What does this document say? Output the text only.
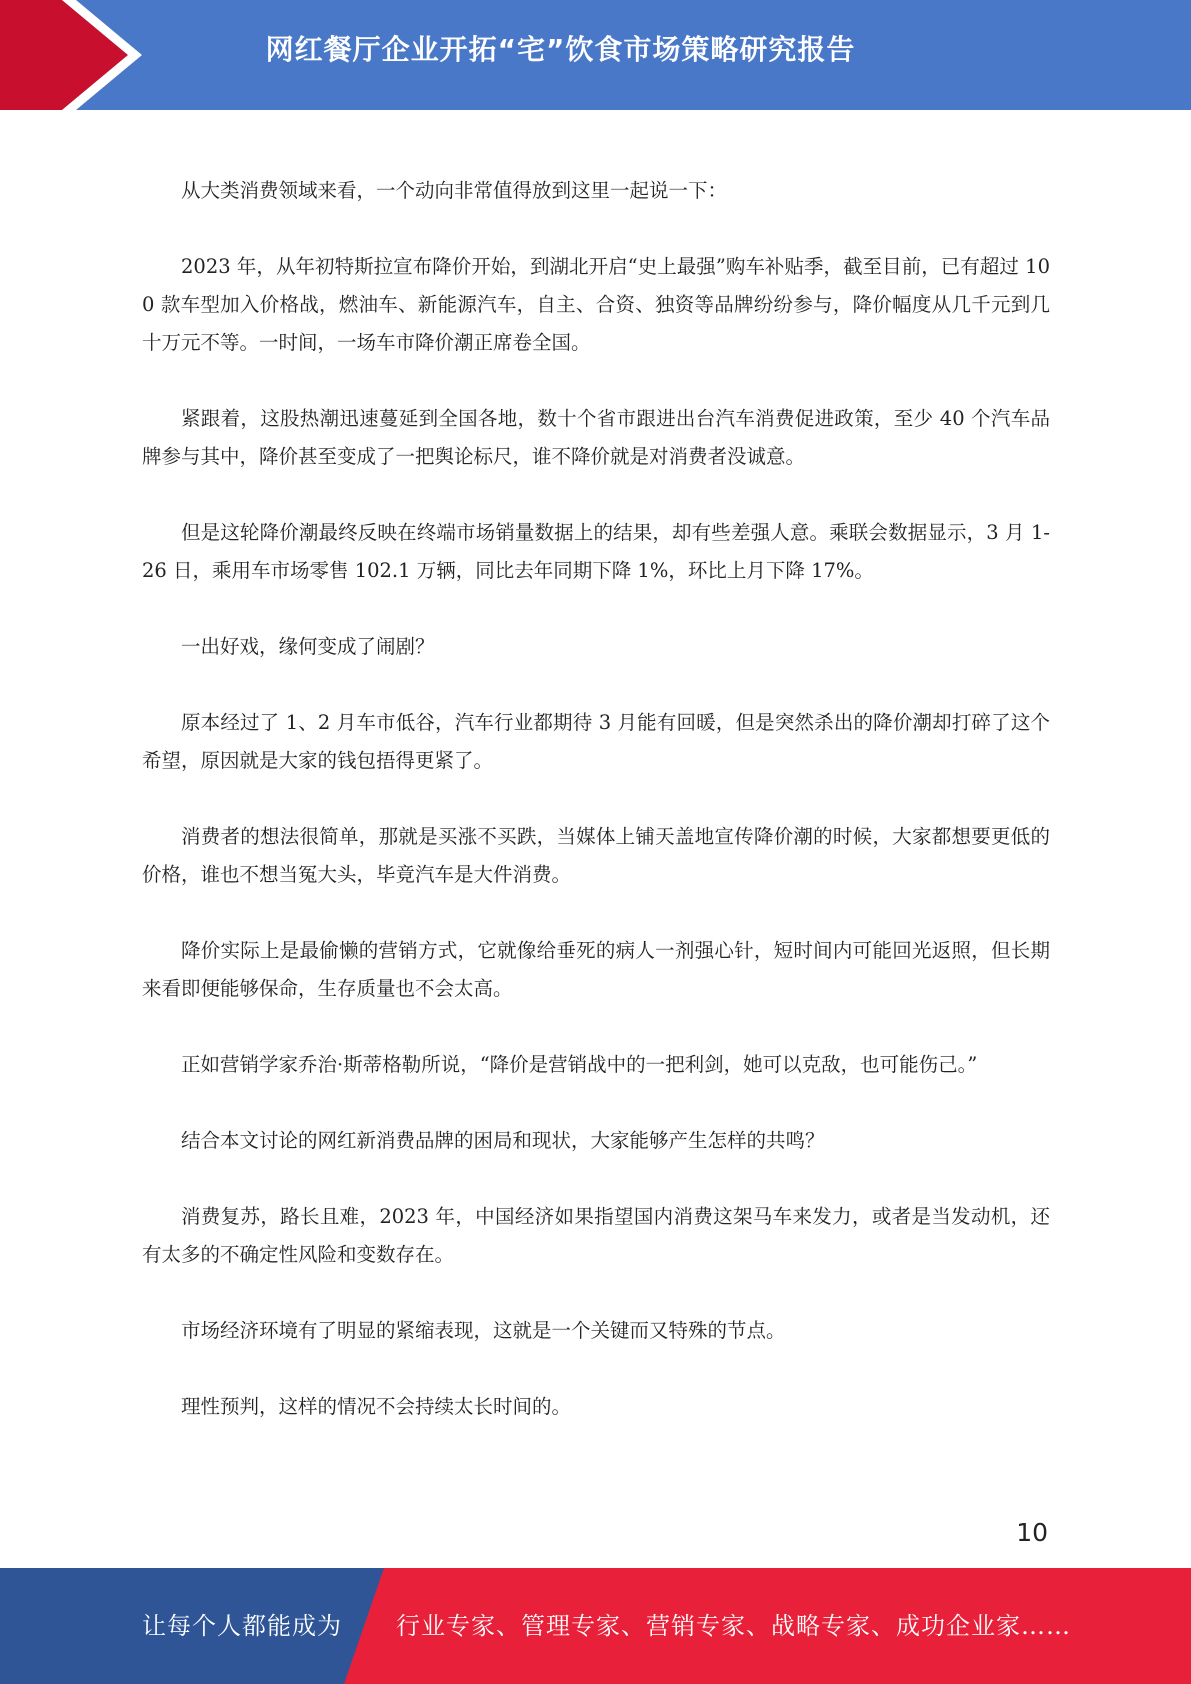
网红餐厅企业开拓“宅”饮食市场策略研究报告

从大类消费领域来看，一个动向非常值得放到这里一起说一下：

2023 年，从年初特斯拉宣布降价开始，到湖北开启“史上最强”购车补贴季，截至目前，已有超过 100 款车型加入价格战，燃油车、新能源汽车，自主、合资、独资等品牌纷纷参与，降价幅度从几千元到几十万元不等。一时间，一场车市降价潮正席卷全国。

紧跟着，这股热潮迅速蔓延到全国各地，数十个省市跟进出台汽车消费促进政策，至少 40 个汽车品牌参与其中，降价甚至变成了一把舆论标尺，谁不降价就是对消费者没诚意。

但是这轮降价潮最终反映在终端市场销量数据上的结果，却有些差强人意。乘联会数据显示，3 月 1-26 日，乘用车市场零售 102.1 万辆，同比去年同期下降 1%，环比上月下降 17%。

一出好戏，缘何变成了闹剧？

原本经过了 1、2 月车市低谷，汽车行业都期待 3 月能有回暖，但是突然杀出的降价潮却打碎了这个希望，原因就是大家的钱包捂得更紧了。

消费者的想法很简单，那就是买涨不买跌，当媒体上铺天盖地宣传降价潮的时候，大家都想要更低的价格，谁也不想当冤大头，毕竟汽车是大件消费。

降价实际上是最偷懒的营销方式，它就像给垂死的病人一剂强心针，短时间内可能回光返照，但长期来看即便能够保命，生存质量也不会太高。

正如营销学家乔治·斯蒂格勒所说，“降价是营销战中的一把利剑，她可以克敌，也可能伤己。”

结合本文讨论的网红新消费品牌的困局和现状，大家能够产生怎样的共鸣？

消费复苏，路长且难，2023 年，中国经济如果指望国内消费这架马车来发力，或者是当发动机，还有太多的不确定性风险和变数存在。

市场经济环境有了明显的紧缩表现，这就是一个关键而又特殊的节点。

理性预判，这样的情况不会持续太长时间的。

10
让每个人都能成为 行业专家、管理专家、营销专家、战略专家、成功企业家……
